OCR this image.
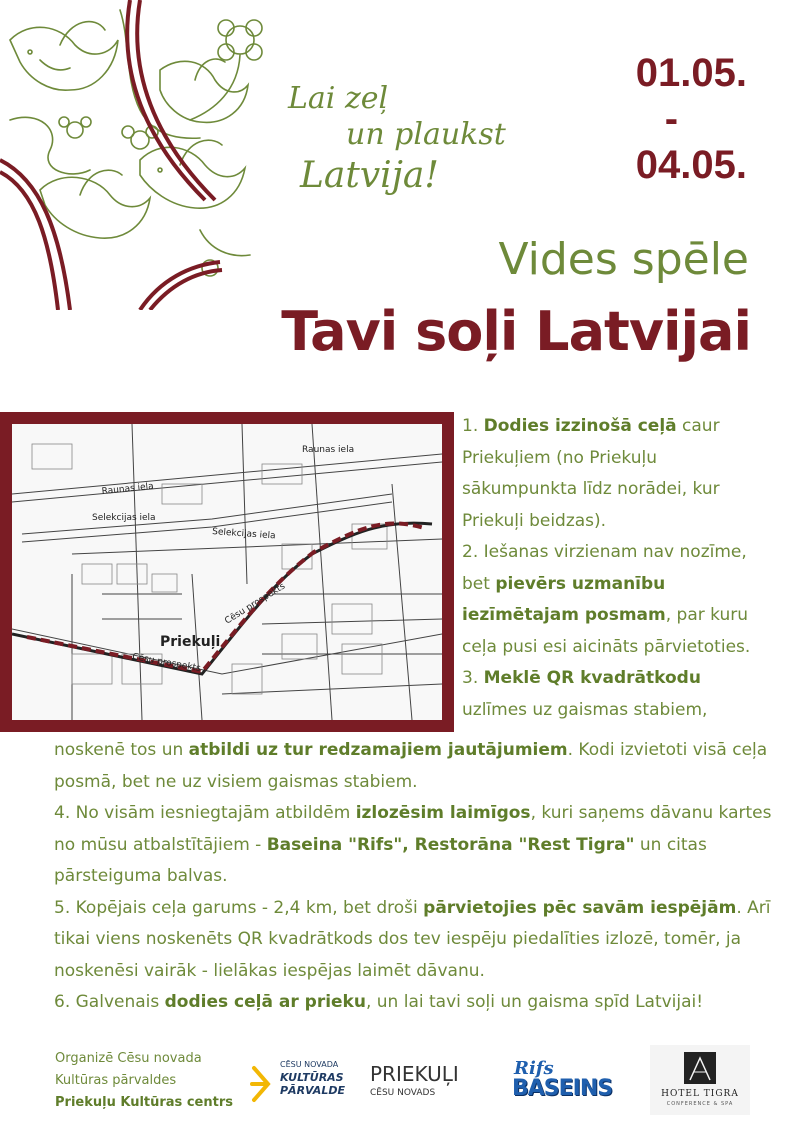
Lai zeļ
un plaukst
Latvija!
01.05.
-
04.05.
Vides spēle
Tavi soļi Latvijai
Raunas iela
Raunas iela
Selekcijas iela
Selekcijas iela
Cēsu prospekts
Cēsu prospekts
Priekuļi
1. Dodies izzinošā ceļā caur Priekuļiem (no Priekuļu sākumpunkta līdz norādei, kur Priekuļi beidzas).
2. Iešanas virzienam nav nozīme, bet pievērs uzmanību iezīmētajam posmam, par kuru ceļa pusi esi aicināts pārvietoties.
3. Meklē QR kvadrātkodu
uzlīmes uz gaismas stabiem,
noskenē tos un atbildi uz tur redzamajiem jautājumiem. Kodi izvietoti visā ceļa posmā, bet ne uz visiem gaismas stabiem.
4. No visām iesniegtajām atbildēm izlozēsim laimīgos, kuri saņems dāvanu kartes no mūsu atbalstītājiem - Baseina "Rifs", Restorāna "Rest Tigra" un citas pārsteiguma balvas.
5. Kopējais ceļa garums - 2,4 km, bet droši pārvietojies pēc savām iespējām. Arī tikai viens noskenēts QR kvadrātkods dos tev iespēju piedalīties izlozē, tomēr, ja noskenēsi vairāk - lielākas iespējas laimēt dāvanu.
6. Galvenais dodies ceļā ar prieku, un lai tavi soļi un gaisma spīd Latvijai!
Organizē Cēsu novada
Kultūras pārvaldes
Priekuļu Kultūras centrs
CĒSU NOVADA
KULTŪRAS
PĀRVALDE
PRIEKUĻI
CĒSU NOVADS
Rifs
BASEINS	HOTEL TIGRA
CONFERENCE & SPA
